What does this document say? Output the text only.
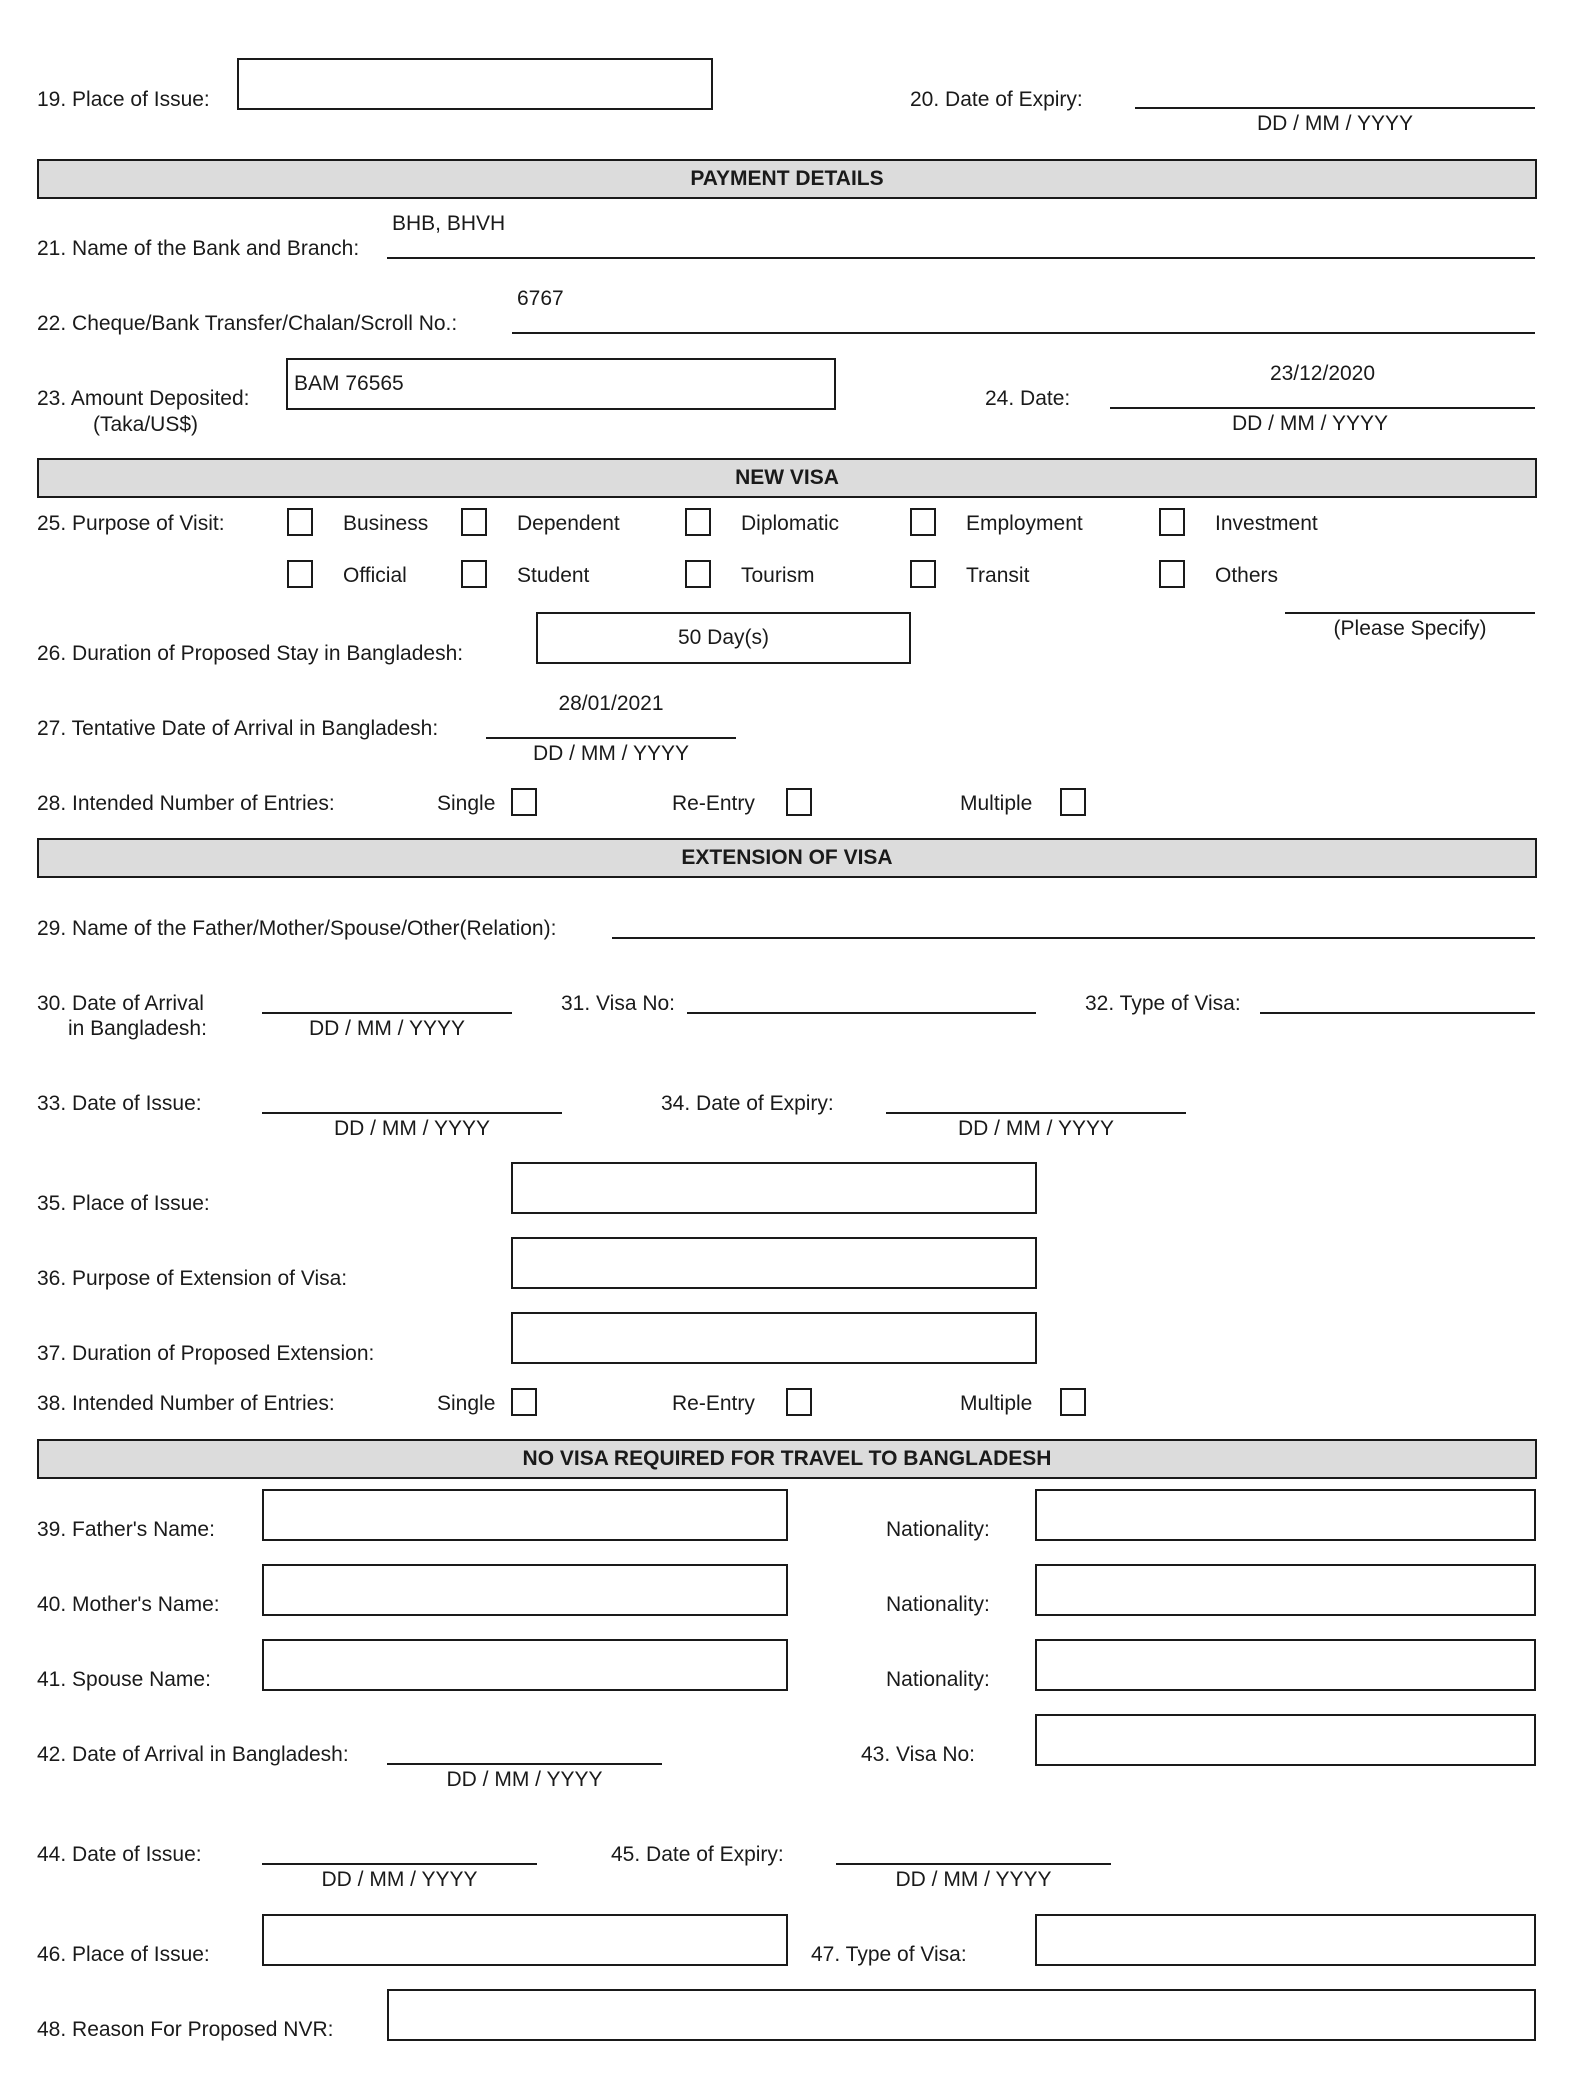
19. Place of Issue:	20. Date of Expiry:
DD / MM / YYYY
PAYMENT DETAILS
21. Name of the Bank and Branch:
BHB, BHVH
22. Cheque/Bank Transfer/Chalan/Scroll No.:
6767
23. Amount Deposited:
(Taka/US$)
BAM 76565
24. Date:
23/12/2020
DD / MM / YYYY
NEW VISA
25. Purpose of Visit:	Business	Dependent	Diplomatic	Employment	Investment
Official	Student	Tourism	Transit	Others
(Please Specify)
26. Duration of Proposed Stay in Bangladesh:
50 Day(s)
27. Tentative Date of Arrival in Bangladesh:
28/01/2021
DD / MM / YYYY
28. Intended Number of Entries:	Single	Re-Entry	Multiple
EXTENSION OF VISA
29. Name of the Father/Mother/Spouse/Other(Relation):
30. Date of Arrival
in Bangladesh:	DD / MM / YYYY
31. Visa No:	32. Type of Visa:
33. Date of Issue:
DD / MM / YYYY
34. Date of Expiry:
DD / MM / YYYY
35. Place of Issue:
36. Purpose of Extension of Visa:
37. Duration of Proposed Extension:
38. Intended Number of Entries:	Single	Re-Entry	Multiple
NO VISA REQUIRED FOR TRAVEL TO BANGLADESH
39. Father's Name:	Nationality:
40. Mother's Name:	Nationality:
41. Spouse Name:	Nationality:
42. Date of Arrival in Bangladesh:
DD / MM / YYYY
43. Visa No:
44. Date of Issue:
DD / MM / YYYY
45. Date of Expiry:
DD / MM / YYYY
46. Place of Issue:	47. Type of Visa:
48. Reason For Proposed NVR:
